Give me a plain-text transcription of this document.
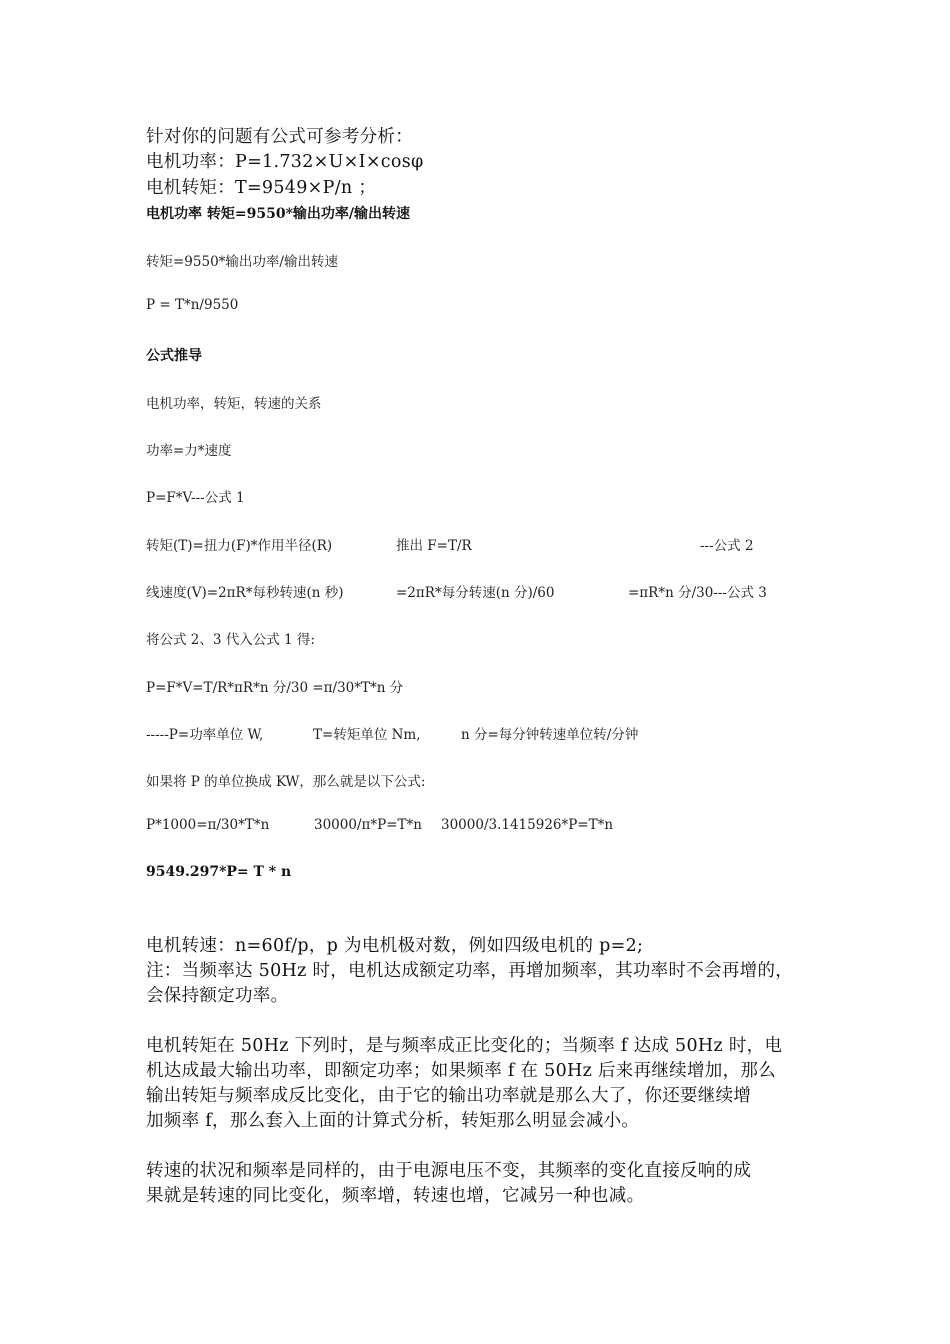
针对你的问题有公式可参考分析：

电机功率：P=1.732×U×I×cosφ

电机转矩：T=9549×P/n ；

电机功率 转矩=9550*输出功率/输出转速

转矩=9550*输出功率/输出转速

P = T*n/9550

公式推导

电机功率，转矩，转速的关系

功率=力*速度

P=F*V---公式 1

转矩(T)=扭力(F)*作用半径(R)	推出 F=T/R	---公式 2

线速度(V)=2πR*每秒转速(n 秒)	=2πR*每分转速(n 分)/60	=πR*n 分/30---公式 3

将公式 2、3 代入公式 1 得:

P=F*V=T/R*πR*n 分/30 =π/30*T*n 分

-----P=功率单位 W,	T=转矩单位 Nm,	n 分=每分钟转速单位转/分钟

如果将 P 的单位换成 KW，那么就是以下公式:

P*1000=π/30*T*n	30000/π*P=T*n 30000/3.1415926*P=T*n

9549.297*P= T * n

电机转速：n=60f/p，p 为电机极对数，例如四级电机的 p=2;

注：当频率达 50Hz 时，电机达成额定功率，再增加频率，其功率时不会再增的，

会保持额定功率。

电机转矩在 50Hz 下列时，是与频率成正比变化的；当频率 f 达成 50Hz 时，电

机达成最大输出功率，即额定功率；如果频率 f 在 50Hz 后来再继续增加，那么

输出转矩与频率成反比变化，由于它的输出功率就是那么大了，你还要继续增

加频率 f，那么套入上面的计算式分析，转矩那么明显会减小。

转速的状况和频率是同样的，由于电源电压不变，其频率的变化直接反响的成

果就是转速的同比变化，频率增，转速也增，它减另一种也减。
